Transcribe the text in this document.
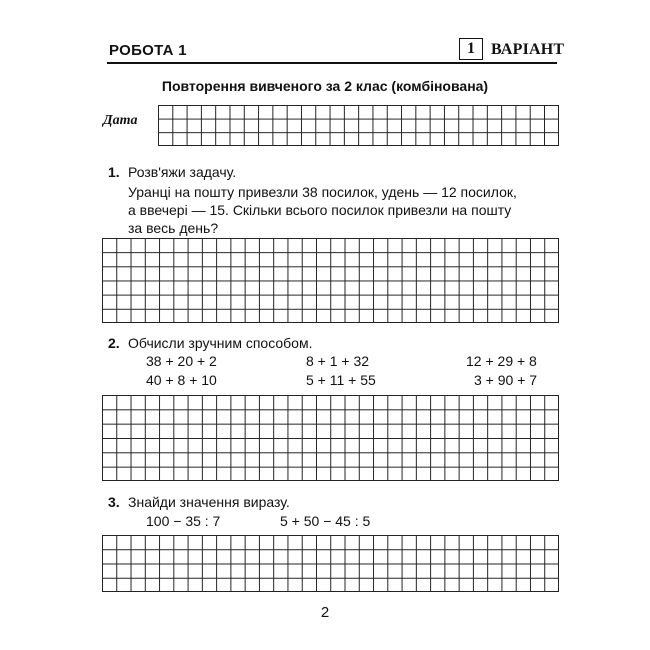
РОБОТА 1	1	ВАРІАНТ
Повторення вивченого за 2 клас (комбінована)
Дата
1. Розв'яжи задачу.
Уранці на пошту привезли 38 посилок, удень — 12 посилок,
а ввечері — 15. Скільки всього посилок привезли на пошту
за весь день?
2. Обчисли зручним способом.
38 + 20 + 2	8 + 1 + 32	12 + 29 + 8
40 + 8 + 10	5 + 11 + 55	3 + 90 + 7
3. Знайди значення виразу.
100 − 35 : 7	5 + 50 − 45 : 5
2
